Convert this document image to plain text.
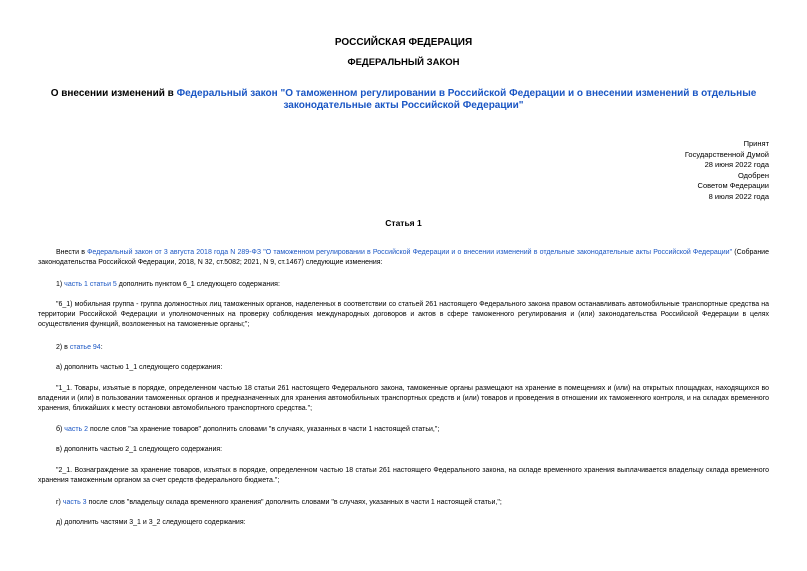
РОССИЙСКАЯ ФЕДЕРАЦИЯ
ФЕДЕРАЛЬНЫЙ ЗАКОН
О внесении изменений в Федеральный закон "О таможенном регулировании в Российской Федерации и о внесении изменений в отдельные законодательные акты Российской Федерации"
Принят
Государственной Думой
28 июня 2022 года
Одобрен
Советом Федерации
8 июля 2022 года
Статья 1
Внести в Федеральный закон от 3 августа 2018 года N 289-ФЗ "О таможенном регулировании в Российской Федерации и о внесении изменений в отдельные законодательные акты Российской Федерации" (Собрание законодательства Российской Федерации, 2018, N 32, ст.5082; 2021, N 9, ст.1467) следующие изменения:
1) часть 1 статьи 5 дополнить пунктом 6_1 следующего содержания:
"6_1) мобильная группа - группа должностных лиц таможенных органов, наделенных в соответствии со статьей 261 настоящего Федерального закона правом останавливать автомобильные транспортные средства на территории Российской Федерации и уполномоченных на проверку соблюдения международных договоров и актов в сфере таможенного регулирования и (или) законодательства Российской Федерации в целях осуществления функций, возложенных на таможенные органы;";
2) в статье 94:
а) дополнить частью 1_1 следующего содержания:
"1_1. Товары, изъятые в порядке, определенном частью 18 статьи 261 настоящего Федерального закона, таможенные органы размещают на хранение в помещениях и (или) на открытых площадках, находящихся во владении и (или) в пользовании таможенных органов и предназначенных для хранения автомобильных транспортных средств и (или) товаров и проведения в отношении их таможенного контроля, и на складах временного хранения, ближайших к месту остановки автомобильного транспортного средства.";
б) часть 2 после слов "за хранение товаров" дополнить словами "в случаях, указанных в части 1 настоящей статьи,";
в) дополнить частью 2_1 следующего содержания:
"2_1. Вознаграждение за хранение товаров, изъятых в порядке, определенном частью 18 статьи 261 настоящего Федерального закона, на складе временного хранения выплачивается владельцу склада временного хранения таможенным органом за счет средств федерального бюджета.";
г) часть 3 после слов "владельцу склада временного хранения" дополнить словами "в случаях, указанных в части 1 настоящей статьи,";
д) дополнить частями 3_1 и 3_2 следующего содержания:
